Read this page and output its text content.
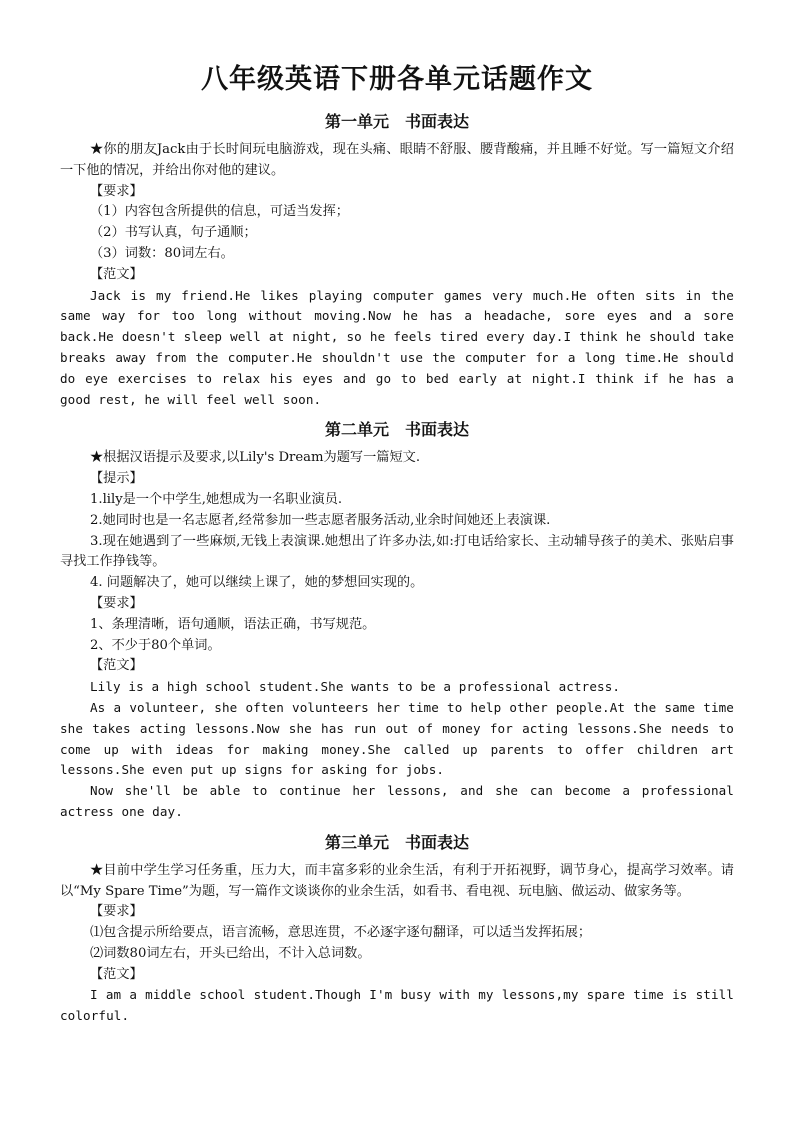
八年级英语下册各单元话题作文
第一单元　书面表达

★你的朋友Jack由于长时间玩电脑游戏，现在头痛、眼睛不舒服、腰背酸痛，并且睡不好觉。写一篇短文介绍一下他的情况，并给出你对他的建议。

【要求】

（1）内容包含所提供的信息，可适当发挥；

（2）书写认真，句子通顺；

（3）词数：80词左右。

【范文】

Jack is my friend.He likes playing computer games very much.He often sits in the same way for too long without moving.Now he has a headache, sore eyes and a sore back.He doesn't sleep well at night, so he feels tired every day.I think he should take breaks away from the computer.He shouldn't use the computer for a long time.He should do eye exercises to relax his eyes and go to bed early at night.I think if he has a good rest, he will feel well soon.

第二单元　书面表达

★根据汉语提示及要求,以Lily's Dream为题写一篇短文.

【提示】

1.lily是一个中学生,她想成为一名职业演员.

2.她同时也是一名志愿者,经常参加一些志愿者服务活动,业余时间她还上表演课.

3.现在她遇到了一些麻烦,无钱上表演课.她想出了许多办法,如:打电话给家长、主动辅导孩子的美术、张贴启事寻找工作挣钱等。

4. 问题解决了，她可以继续上课了，她的梦想回实现的。

【要求】

1、条理清晰，语句通顺，语法正确，书写规范。

2、不少于80个单词。

【范文】

Lily is a high school student.She wants to be a professional actress.

As a volunteer, she often volunteers her time to help other people.At the same time she takes acting lessons.Now she has run out of money for acting lessons.She needs to come up with ideas for making money.She called up parents to offer children art lessons.She even put up signs for asking for jobs.

Now she'll be able to continue her lessons, and she can become a professional actress one day.

第三单元　书面表达

★目前中学生学习任务重，压力大，而丰富多彩的业余生活，有利于开拓视野，调节身心，提高学习效率。请以“My Spare Time”为题，写一篇作文谈谈你的业余生活，如看书、看电视、玩电脑、做运动、做家务等。

【要求】

⑴包含提示所给要点，语言流畅，意思连贯，不必逐字逐句翻译，可以适当发挥拓展；

⑵词数80词左右，开头已给出，不计入总词数。

【范文】

I am a middle school student.Though I'm busy with my lessons,my spare time is still colorful.
